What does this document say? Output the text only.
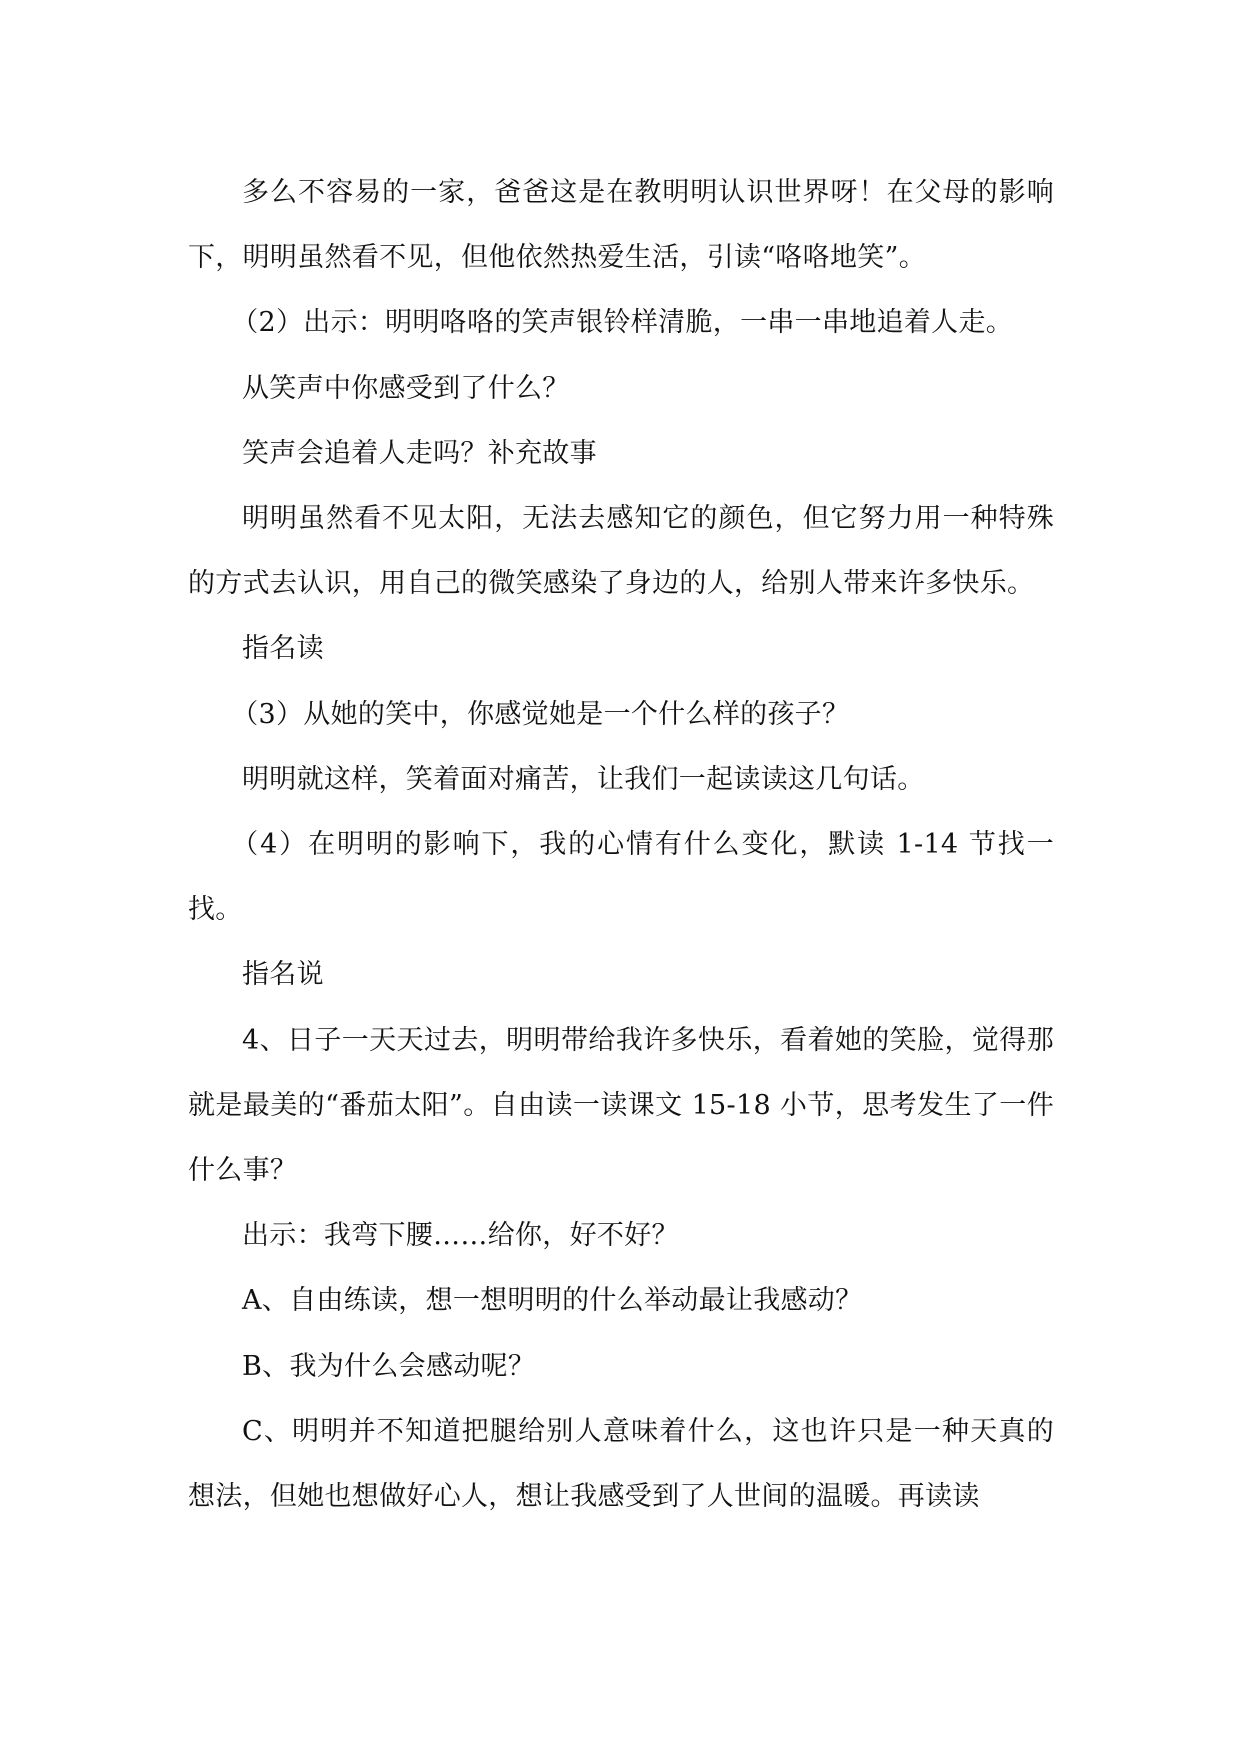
多么不容易的一家，爸爸这是在教明明认识世界呀！在父母的影响下，明明虽然看不见，但他依然热爱生活，引读“咯咯地笑”。

（2）出示：明明咯咯的笑声银铃样清脆，一串一串地追着人走。

从笑声中你感受到了什么？

笑声会追着人走吗？补充故事

明明虽然看不见太阳，无法去感知它的颜色，但它努力用一种特殊的方式去认识，用自己的微笑感染了身边的人，给别人带来许多快乐。

指名读

（3）从她的笑中，你感觉她是一个什么样的孩子？

明明就这样，笑着面对痛苦，让我们一起读读这几句话。

（4）在明明的影响下，我的心情有什么变化，默读 1-14 节找一找。

指名说

4、日子一天天过去，明明带给我许多快乐，看着她的笑脸，觉得那就是最美的“番茄太阳”。自由读一读课文 15-18 小节，思考发生了一件什么事？

出示：我弯下腰……给你，好不好？

A、自由练读，想一想明明的什么举动最让我感动？

B、我为什么会感动呢？

C、明明并不知道把腿给别人意味着什么，这也许只是一种天真的想法，但她也想做好心人，想让我感受到了人世间的温暖。再读读
